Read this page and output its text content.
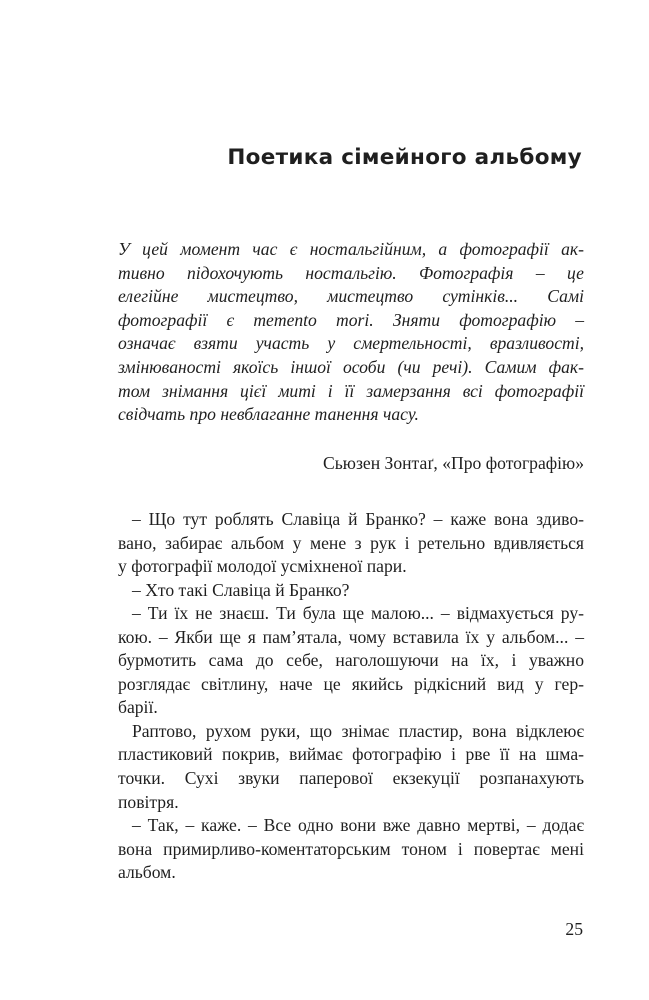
Поетика сімейного альбому
У цей момент час є ностальгійним, а фотографії ак-
тивно підохочують ностальгію. Фотографія – це
елегійне мистецтво, мистецтво сутінків... Самі
фотографії є memento mori. Зняти фотографію –
означає взяти участь у смертельності, вразливості,
змінюваності якоїсь іншої особи (чи речі). Самим фак-
том знімання цієї миті і її замерзання всі фотографії
свідчать про невблаганне танення часу.

Сьюзен Зонтаґ, «Про фотографію»

– Що тут роблять Славіца й Бранко? – каже вона здиво-
вано, забирає альбом у мене з рук і ретельно вдивляється
у фотографії молодої усміхненої пари.
– Хто такі Славіца й Бранко?
– Ти їх не знаєш. Ти була ще малою... – відмахується ру-
кою. – Якби ще я пам’ятала, чому вставила їх у альбом... –
бурмотить сама до себе, наголошуючи на їх, і уважно
розглядає світлину, наче це якийсь рідкісний вид у гер-
барії.
Раптово, рухом руки, що знімає пластир, вона відклеює
пластиковий покрив, виймає фотографію і рве її на шма-
точки. Сухі звуки паперової екзекуції розпанахують
повітря.
– Так, – каже. – Все одно вони вже давно мертві, – додає
вона примирливо-коментаторським тоном і повертає мені
альбом.

25
